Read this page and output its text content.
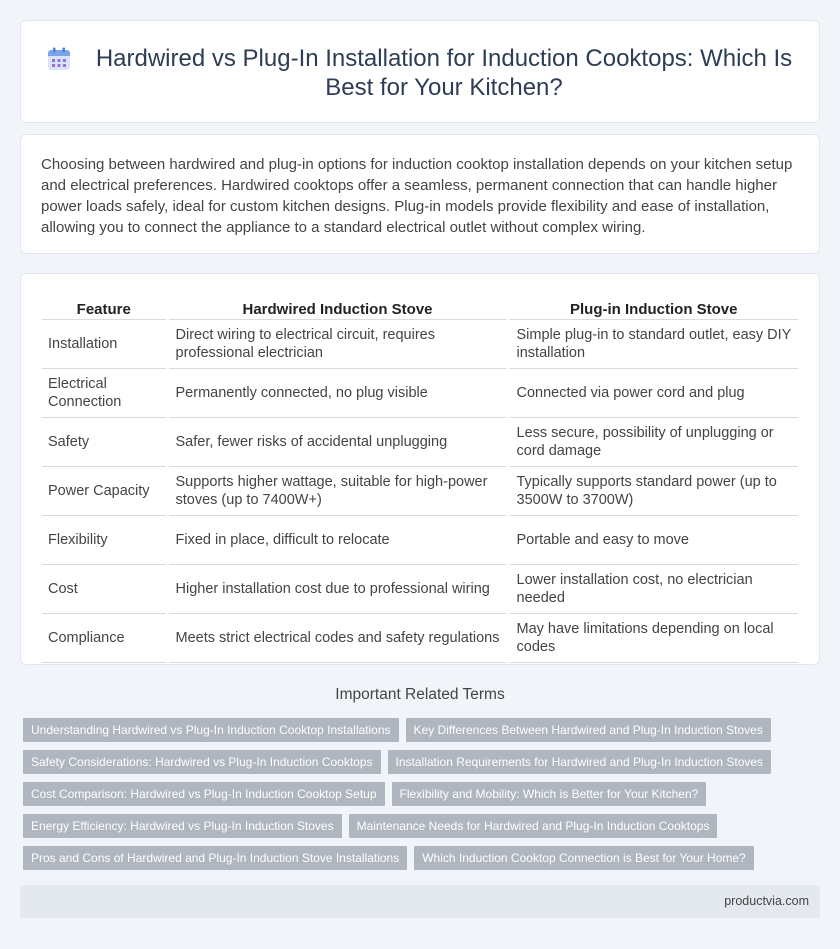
Hardwired vs Plug-In Installation for Induction Cooktops: Which Is Best for Your Kitchen?

Choosing between hardwired and plug-in options for induction cooktop installation depends on your kitchen setup and electrical preferences. Hardwired cooktops offer a seamless, permanent connection that can handle higher power loads safely, ideal for custom kitchen designs. Plug-in models provide flexibility and ease of installation, allowing you to connect the appliance to a standard electrical outlet without complex wiring.

Feature	Hardwired Induction Stove	Plug-in Induction Stove
Installation	Direct wiring to electrical circuit, requires professional electrician	Simple plug-in to standard outlet, easy DIY installation
Electrical Connection	Permanently connected, no plug visible	Connected via power cord and plug
Safety	Safer, fewer risks of accidental unplugging	Less secure, possibility of unplugging or cord damage
Power Capacity	Supports higher wattage, suitable for high-power stoves (up to 7400W+)	Typically supports standard power (up to 3500W to 3700W)
Flexibility	Fixed in place, difficult to relocate	Portable and easy to move
Cost	Higher installation cost due to professional wiring	Lower installation cost, no electrician needed
Compliance	Meets strict electrical codes and safety regulations	May have limitations depending on local codes
Important Related Terms
Understanding Hardwired vs Plug-In Induction Cooktop Installations	Key Differences Between Hardwired and Plug-In Induction Stoves
Safety Considerations: Hardwired vs Plug-In Induction Cooktops	Installation Requirements for Hardwired and Plug-In Induction Stoves
Cost Comparison: Hardwired vs Plug-In Induction Cooktop Setup	Flexibility and Mobility: Which is Better for Your Kitchen?
Energy Efficiency: Hardwired vs Plug-In Induction Stoves	Maintenance Needs for Hardwired and Plug-In Induction Cooktops
Pros and Cons of Hardwired and Plug-In Induction Stove Installations	Which Induction Cooktop Connection is Best for Your Home?
productvia.com
